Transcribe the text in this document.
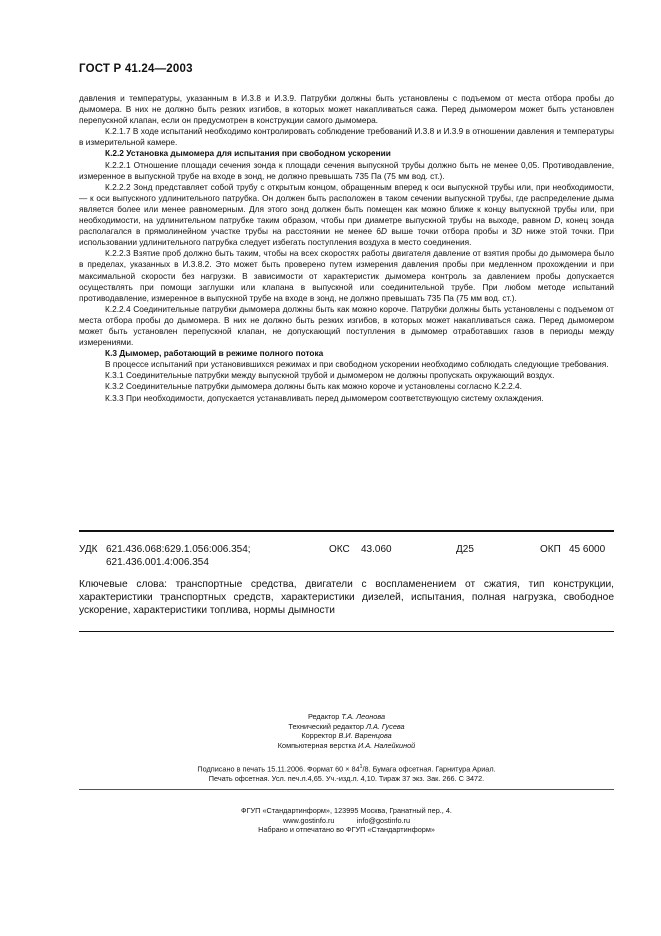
ГОСТ Р 41.24—2003

давления и температуры, указанным в И.3.8 и И.3.9. Патрубки должны быть установлены с подъемом от места отбора пробы до дымомера. В них не должно быть резких изгибов, в которых может накапливаться сажа. Перед дымомером может быть установлен перепускной клапан, если он предусмотрен в конструкции самого дымомера.

К.2.1.7 В ходе испытаний необходимо контролировать соблюдение требований И.3.8 и И.3.9 в отношении давления и температуры в измерительной камере.

К.2.2 Установка дымомера для испытания при свободном ускорении

К.2.2.1 Отношение площади сечения зонда к площади сечения выпускной трубы должно быть не менее 0,05. Противодавление, измеренное в выпускной трубе на входе в зонд, не должно превышать 735 Па (75 мм вод. ст.).

К.2.2.2 Зонд представляет собой трубу с открытым концом, обращенным вперед к оси выпускной трубы или, при необходимости, — к оси выпускного удлинительного патрубка. Он должен быть расположен в таком сечении выпускной трубы, где распределение дыма является более или менее равномерным. Для этого зонд должен быть помещен как можно ближе к концу выпускной трубы или, при необходимости, на удлинительном патрубке таким образом, чтобы при диаметре выпускной трубы на выходе, равном D, конец зонда располагался в прямолинейном участке трубы на расстоянии не менее 6D выше точки отбора пробы и 3D ниже этой точки. При использовании удлинительного патрубка следует избегать поступления воздуха в место соединения.

К.2.2.3 Взятие проб должно быть таким, чтобы на всех скоростях работы двигателя давление от взятия пробы до дымомера было в пределах, указанных в И.3.8.2. Это может быть проверено путем измерения давления пробы при медленном прохождении и при максимальной скорости без нагрузки. В зависимости от характеристик дымомера контроль за давлением пробы допускается осуществлять при помощи заглушки или клапана в выпускной или соединительной трубе. При любом методе испытаний противодавление, измеренное в выпускной трубе на входе в зонд, не должно превышать 735 Па (75 мм вод. ст.).

К.2.2.4 Соединительные патрубки дымомера должны быть как можно короче. Патрубки должны быть установлены с подъемом от места отбора пробы до дымомера. В них не должно быть резких изгибов, в которых может накапливаться сажа. Перед дымомером может быть установлен перепускной клапан, не допускающий поступления в дымомер отработавших газов в периоды между измерениями.

К.3 Дымомер, работающий в режиме полного потока

В процессе испытаний при установившихся режимах и при свободном ускорении необходимо соблюдать следующие требования.

К.3.1 Соединительные патрубки между выпускной трубой и дымомером не должны пропускать окружающий воздух.

К.3.2 Соединительные патрубки дымомера должны быть как можно короче и установлены согласно К.2.2.4.

К.3.3 При необходимости, допускается устанавливать перед дымомером соответствующую систему охлаждения.

УДК 621.436.068:629.1.056:006.354;
621.436.001.4:006.354
ОКС 43.060	Д25	ОКП 45 6000
Ключевые слова: транспортные средства, двигатели с воспламенением от сжатия, тип конструкции, характеристики транспортных средств, характеристики дизелей, испытания, полная нагрузка, свободное ускорение, характеристики топлива, нормы дымности
Редактор Т.А. Леонова
Технический редактор Л.А. Гусева
Корректор В.И. Варенцова
Компьютерная верстка И.А. Налейкиной
Подписано в печать 15.11.2006. Формат $60 \times 84^1/8$. Бумага офсетная. Гарнитура Ариал.
Печать офсетная. Усл. печ.л.4,65. Уч.-изд.л. 4,10. Тираж 37 экз. Зак. 266. С 3472.
ФГУП «Стандартинформ», 123995 Москва, Гранатный пер., 4.
www.gostinfo.ru	info@gostinfo.ru
Набрано и отпечатано во ФГУП «Стандартинформ»
